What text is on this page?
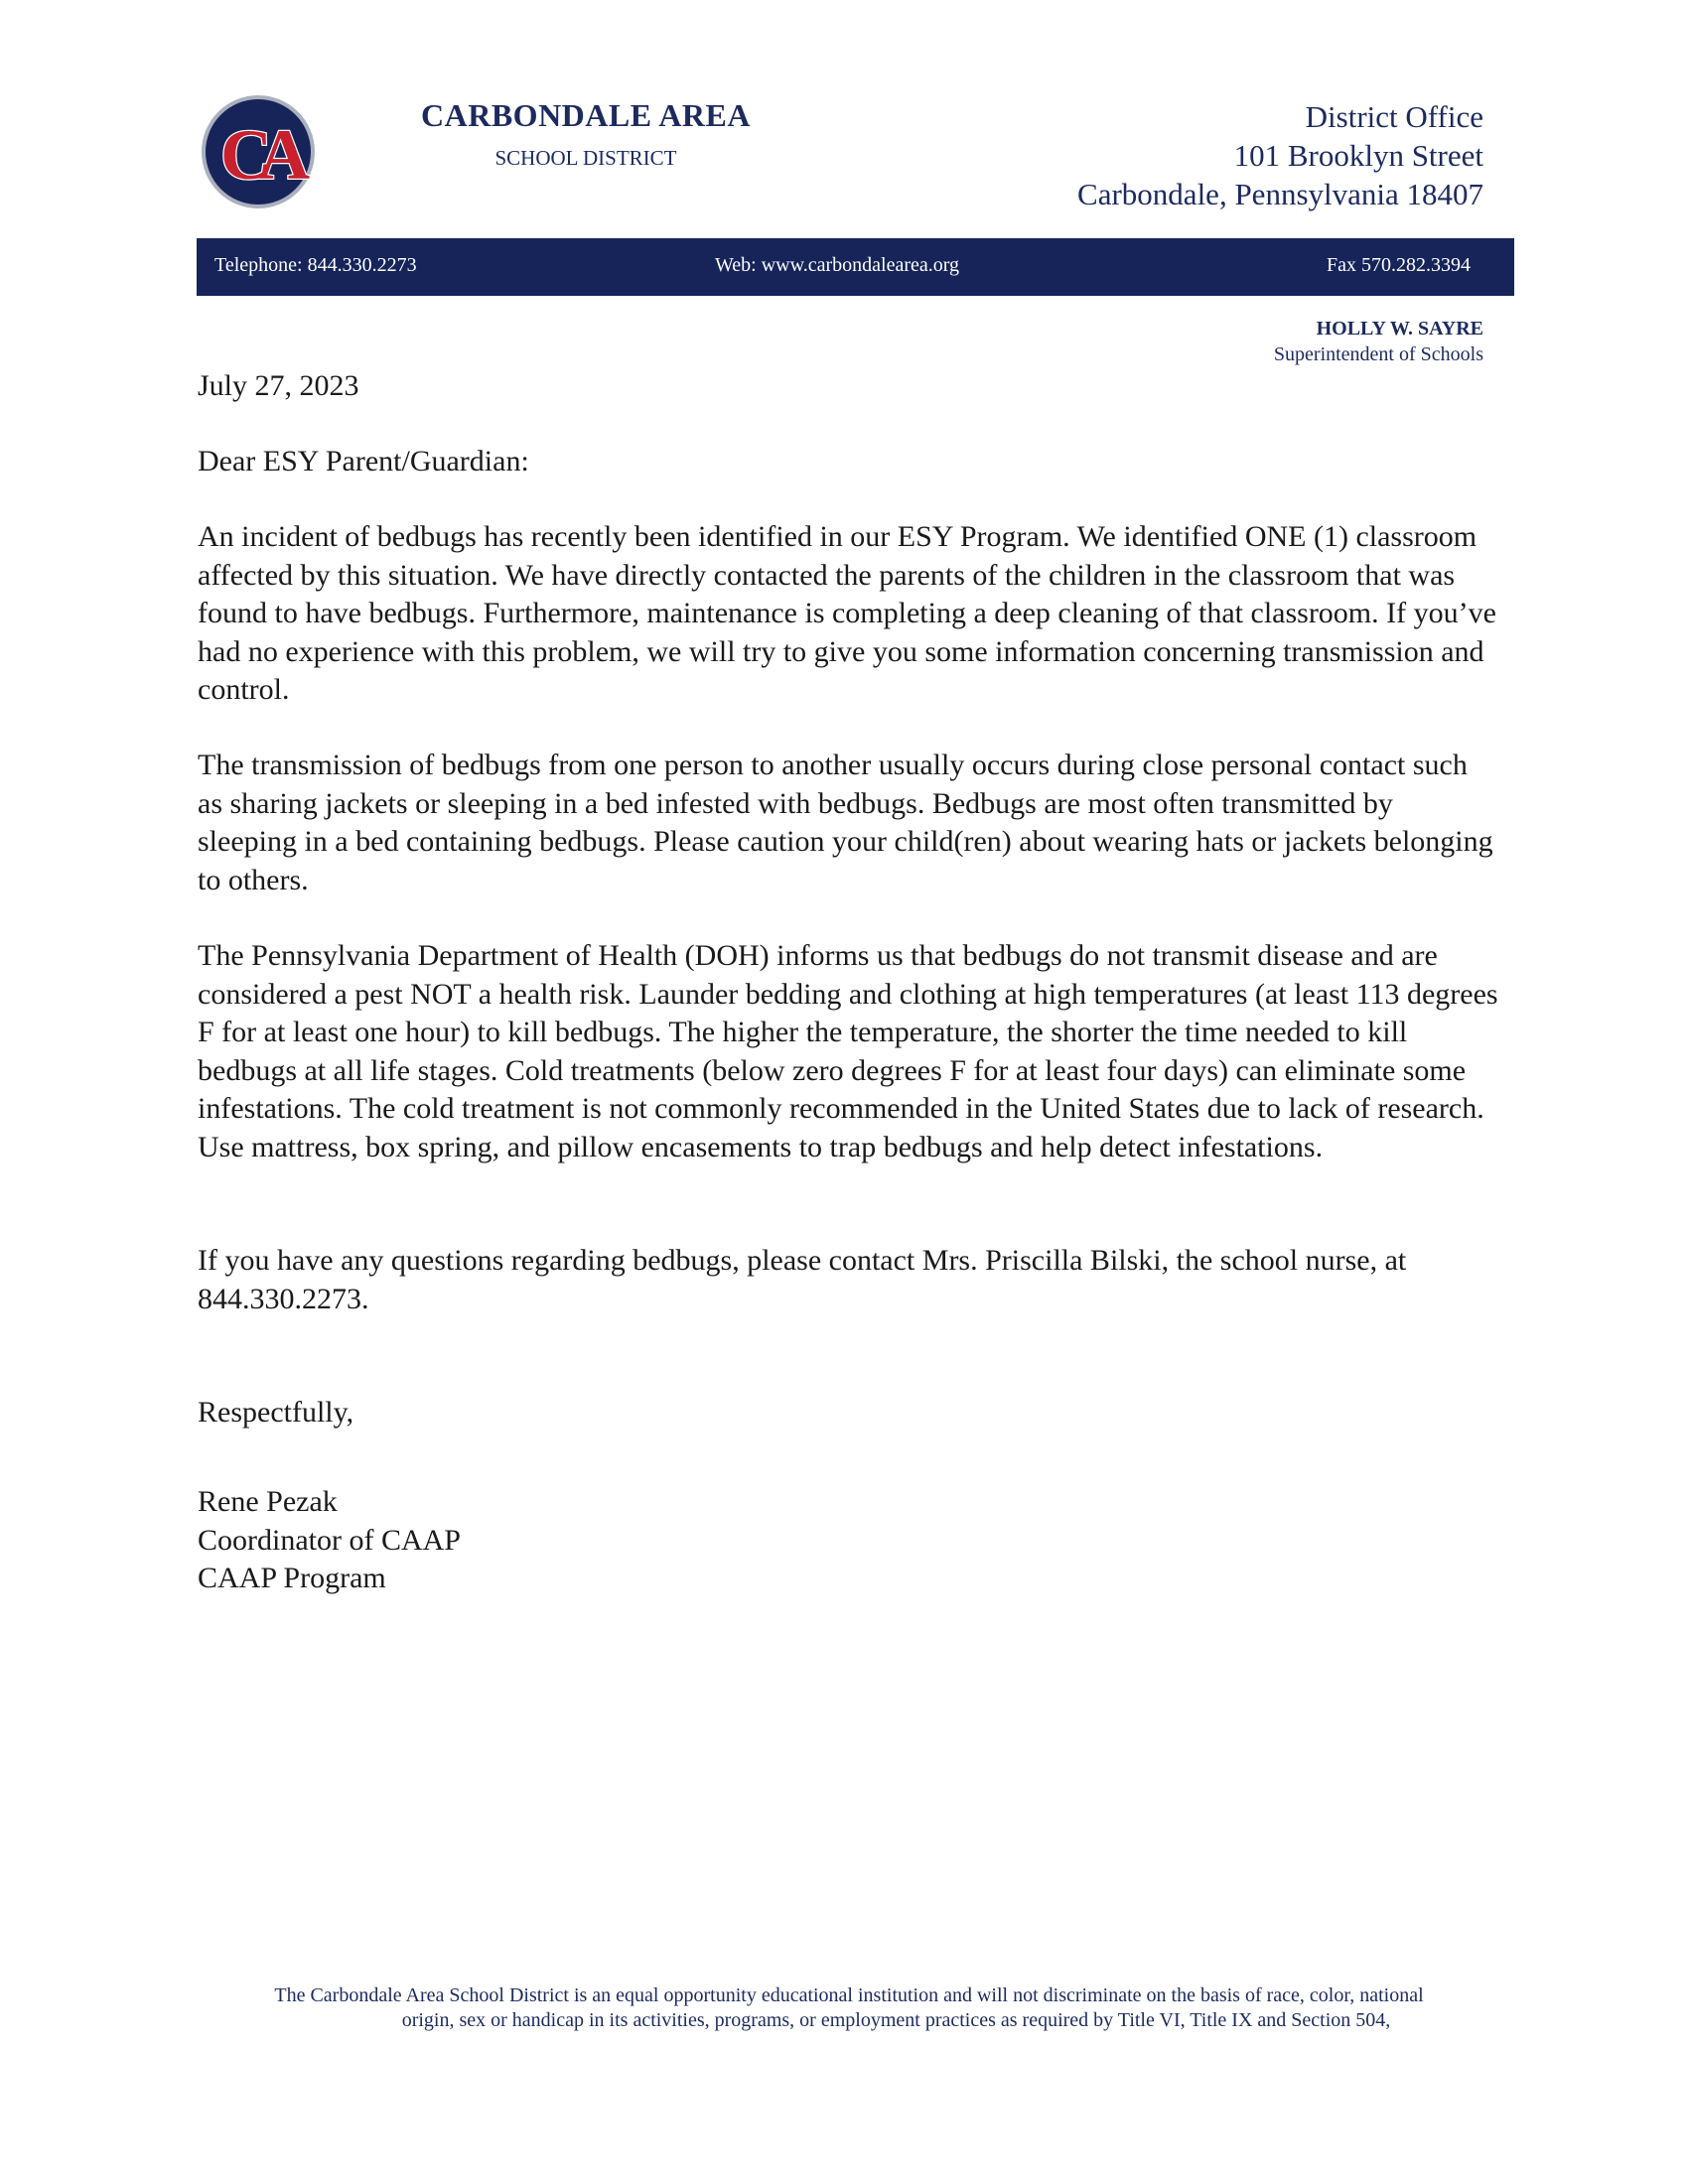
CA	CARBONDALE AREA
SCHOOL DISTRICT
District Office
101 Brooklyn Street
Carbondale, Pennsylvania 18407
Telephone: 844.330.2273	Web: www.carbondalearea.org	Fax 570.282.3394
HOLLY W. SAYRE
Superintendent of Schools
July 27, 2023
Dear ESY Parent/Guardian:
An incident of bedbugs has recently been identified in our ESY Program. We identified ONE (1) classroom affected by this situation. We have directly contacted the parents of the children in the classroom that was found to have bedbugs. Furthermore, maintenance is completing a deep cleaning of that classroom. If you’ve had no experience with this problem, we will try to give you some information concerning transmission and control.
The transmission of bedbugs from one person to another usually occurs during close personal contact such as sharing jackets or sleeping in a bed infested with bedbugs. Bedbugs are most often transmitted by sleeping in a bed containing bedbugs. Please caution your child(ren) about wearing hats or jackets belonging to others.
The Pennsylvania Department of Health (DOH) informs us that bedbugs do not transmit disease and are considered a pest NOT a health risk. Launder bedding and clothing at high temperatures (at least 113 degrees F for at least one hour) to kill bedbugs. The higher the temperature, the shorter the time needed to kill bedbugs at all life stages. Cold treatments (below zero degrees F for at least four days) can eliminate some infestations. The cold treatment is not commonly recommended in the United States due to lack of research. Use mattress, box spring, and pillow encasements to trap bedbugs and help detect infestations.
If you have any questions regarding bedbugs, please contact Mrs. Priscilla Bilski, the school nurse, at 844.330.2273.
Respectfully,
Rene Pezak
Coordinator of CAAP
CAAP Program
The Carbondale Area School District is an equal opportunity educational institution and will not discriminate on the basis of race, color, national
origin, sex or handicap in its activities, programs, or employment practices as required by Title VI, Title IX and Section 504,
